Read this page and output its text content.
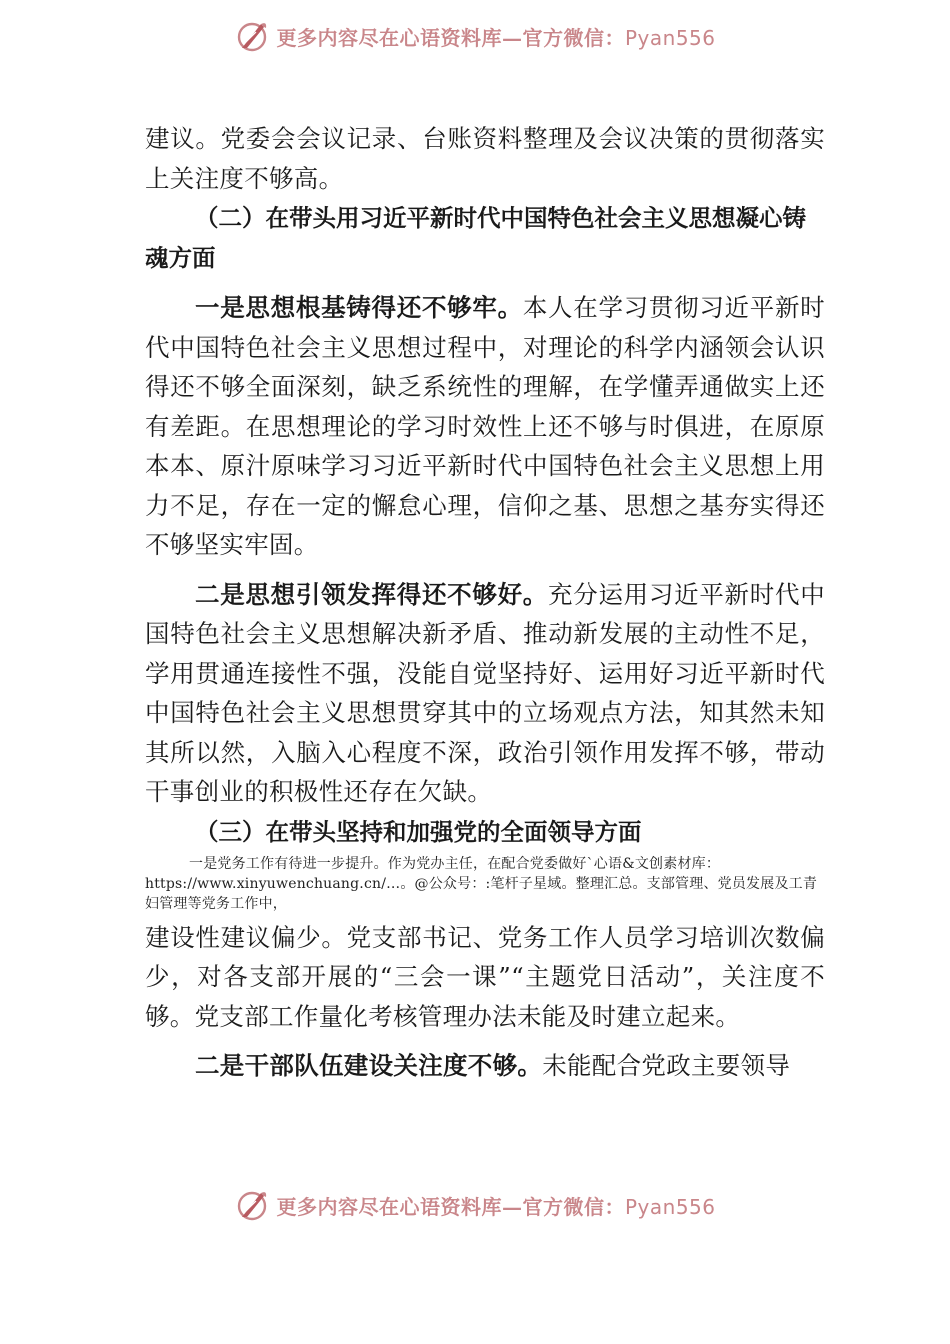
更多内容尽在心语资料库—官方微信：Pyan556

建议。党委会会议记录、台账资料整理及会议决策的贯彻落实上关注度不够高。

（二）在带头用习近平新时代中国特色社会主义思想凝心铸魂方面

一是思想根基铸得还不够牢。本人在学习贯彻习近平新时代中国特色社会主义思想过程中，对理论的科学内涵领会认识得还不够全面深刻，缺乏系统性的理解，在学懂弄通做实上还有差距。在思想理论的学习时效性上还不够与时俱进，在原原本本、原汁原味学习习近平新时代中国特色社会主义思想上用力不足，存在一定的懈怠心理，信仰之基、思想之基夯实得还不够坚实牢固。

二是思想引领发挥得还不够好。充分运用习近平新时代中国特色社会主义思想解决新矛盾、推动新发展的主动性不足，学用贯通连接性不强，没能自觉坚持好、运用好习近平新时代中国特色社会主义思想贯穿其中的立场观点方法，知其然未知其所以然，入脑入心程度不深，政治引领作用发挥不够，带动干事创业的积极性还存在欠缺。

（三）在带头坚持和加强党的全面领导方面

一是党务工作有待进一步提升。作为党办主任，在配合党委做好`心语&文创素材库：https://www.xinyuwenchuang.cn/…。@公众号：:笔杆子星域。整理汇总。支部管理、党员发展及工青妇管理等党务工作中，

建设性建议偏少。党支部书记、党务工作人员学习培训次数偏少，对各支部开展的“三会一课”“主题党日活动”，关注度不够。党支部工作量化考核管理办法未能及时建立起来。

二是干部队伍建设关注度不够。未能配合党政主要领导

更多内容尽在心语资料库—官方微信：Pyan556
